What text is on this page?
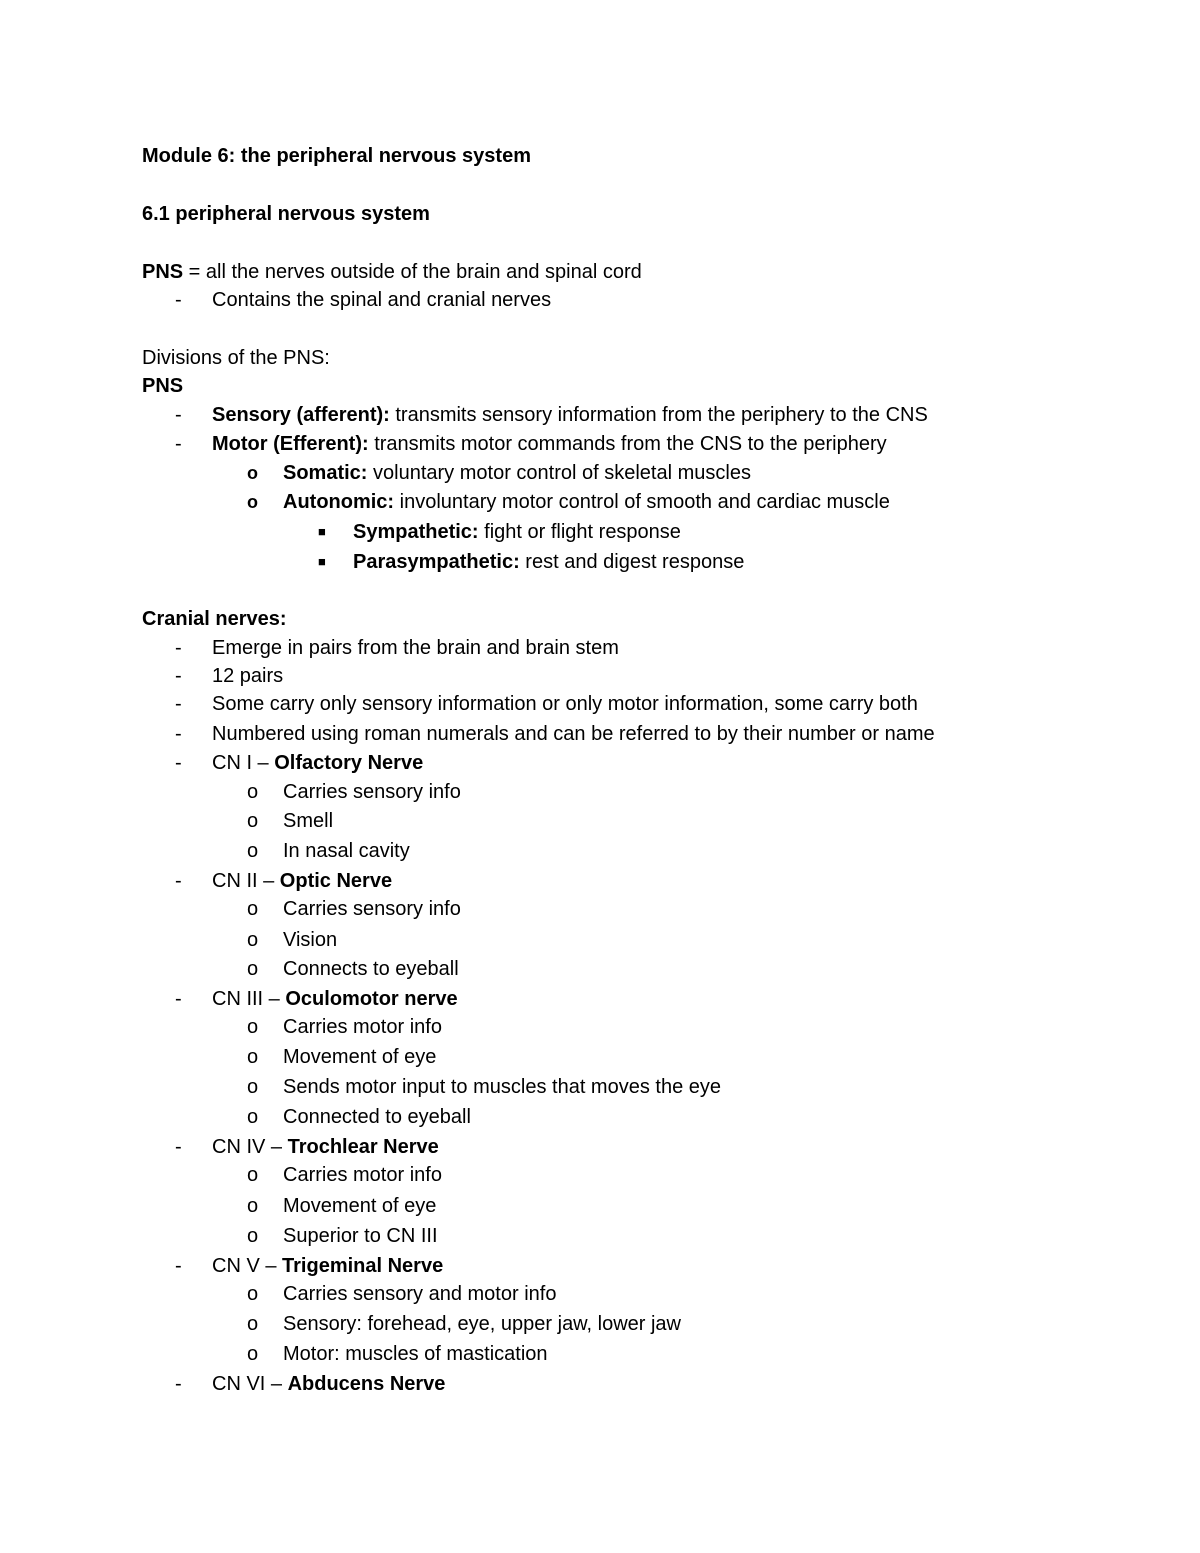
Module 6: the peripheral nervous system
6.1 peripheral nervous system
PNS = all the nerves outside of the brain and spinal cord
- Contains the spinal and cranial nerves
Divisions of the PNS:
PNS
- Sensory (afferent): transmits sensory information from the periphery to the CNS
- Motor (Efferent): transmits motor commands from the CNS to the periphery
o Somatic: voluntary motor control of skeletal muscles
o Autonomic: involuntary motor control of smooth and cardiac muscle
■ Sympathetic: fight or flight response
■ Parasympathetic: rest and digest response
Cranial nerves:
- Emerge in pairs from the brain and brain stem
- 12 pairs
- Some carry only sensory information or only motor information, some carry both
- Numbered using roman numerals and can be referred to by their number or name
- CN I – Olfactory Nerve
o Carries sensory info
o Smell
o In nasal cavity
- CN II – Optic Nerve
o Carries sensory info
o Vision
o Connects to eyeball
- CN III – Oculomotor nerve
o Carries motor info
o Movement of eye
o Sends motor input to muscles that moves the eye
o Connected to eyeball
- CN IV – Trochlear Nerve
o Carries motor info
o Movement of eye
o Superior to CN III
- CN V – Trigeminal Nerve
o Carries sensory and motor info
o Sensory: forehead, eye, upper jaw, lower jaw
o Motor: muscles of mastication
- CN VI – Abducens Nerve
